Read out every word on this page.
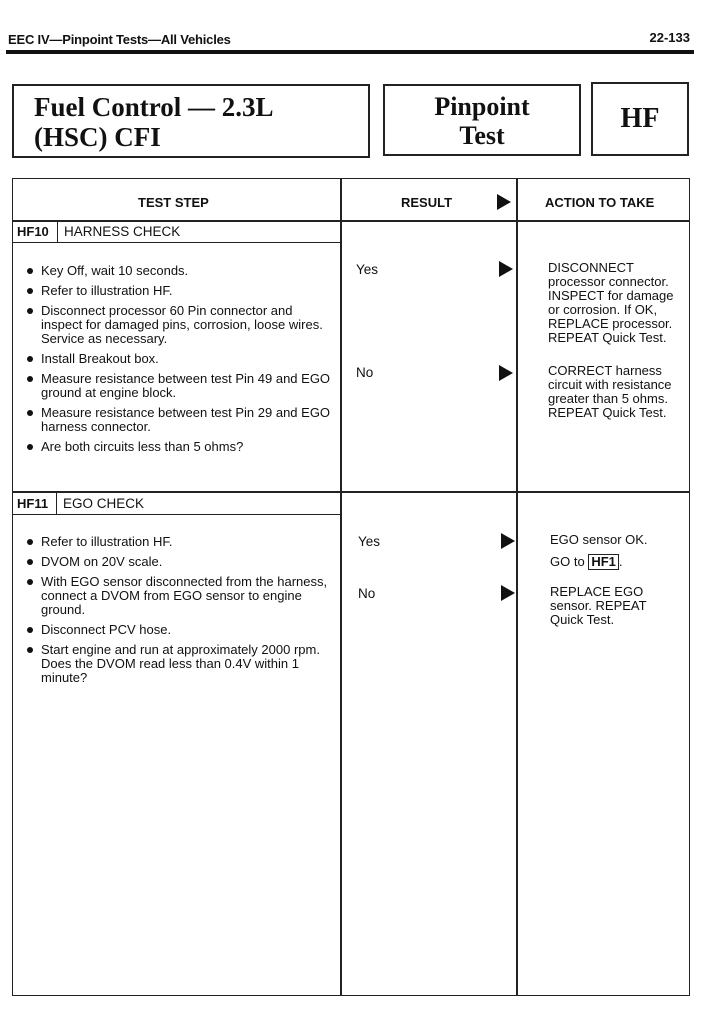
EEC IV—Pinpoint Tests—All Vehicles	22-133
Fuel Control — 2.3L
(HSC) CFI
Pinpoint
Test
HF
TEST STEP	RESULT	ACTION TO TAKE
HF10	HARNESS CHECK
Key Off, wait 10 seconds.
Refer to illustration HF.
Disconnect processor 60 Pin connector and inspect for damaged pins, corrosion, loose wires. Service as necessary.
Install Breakout box.
Measure resistance between test Pin 49 and EGO ground at engine block.
Measure resistance between test Pin 29 and EGO harness connector.
Are both circuits less than 5 ohms?
Yes	DISCONNECT
processor connector.
INSPECT for damage
or corrosion. If OK,
REPLACE processor.
REPEAT Quick Test.
No	CORRECT harness
circuit with resistance
greater than 5 ohms.
REPEAT Quick Test.
HF11	EGO CHECK
Refer to illustration HF.
DVOM on 20V scale.
With EGO sensor disconnected from the harness, connect a DVOM from EGO sensor to engine ground.
Disconnect PCV hose.
Start engine and run at approximately 2000 rpm. Does the DVOM read less than 0.4V within 1 minute?
Yes	EGO sensor OK.
GO to HF1 .
No	REPLACE EGO
sensor. REPEAT
Quick Test.
